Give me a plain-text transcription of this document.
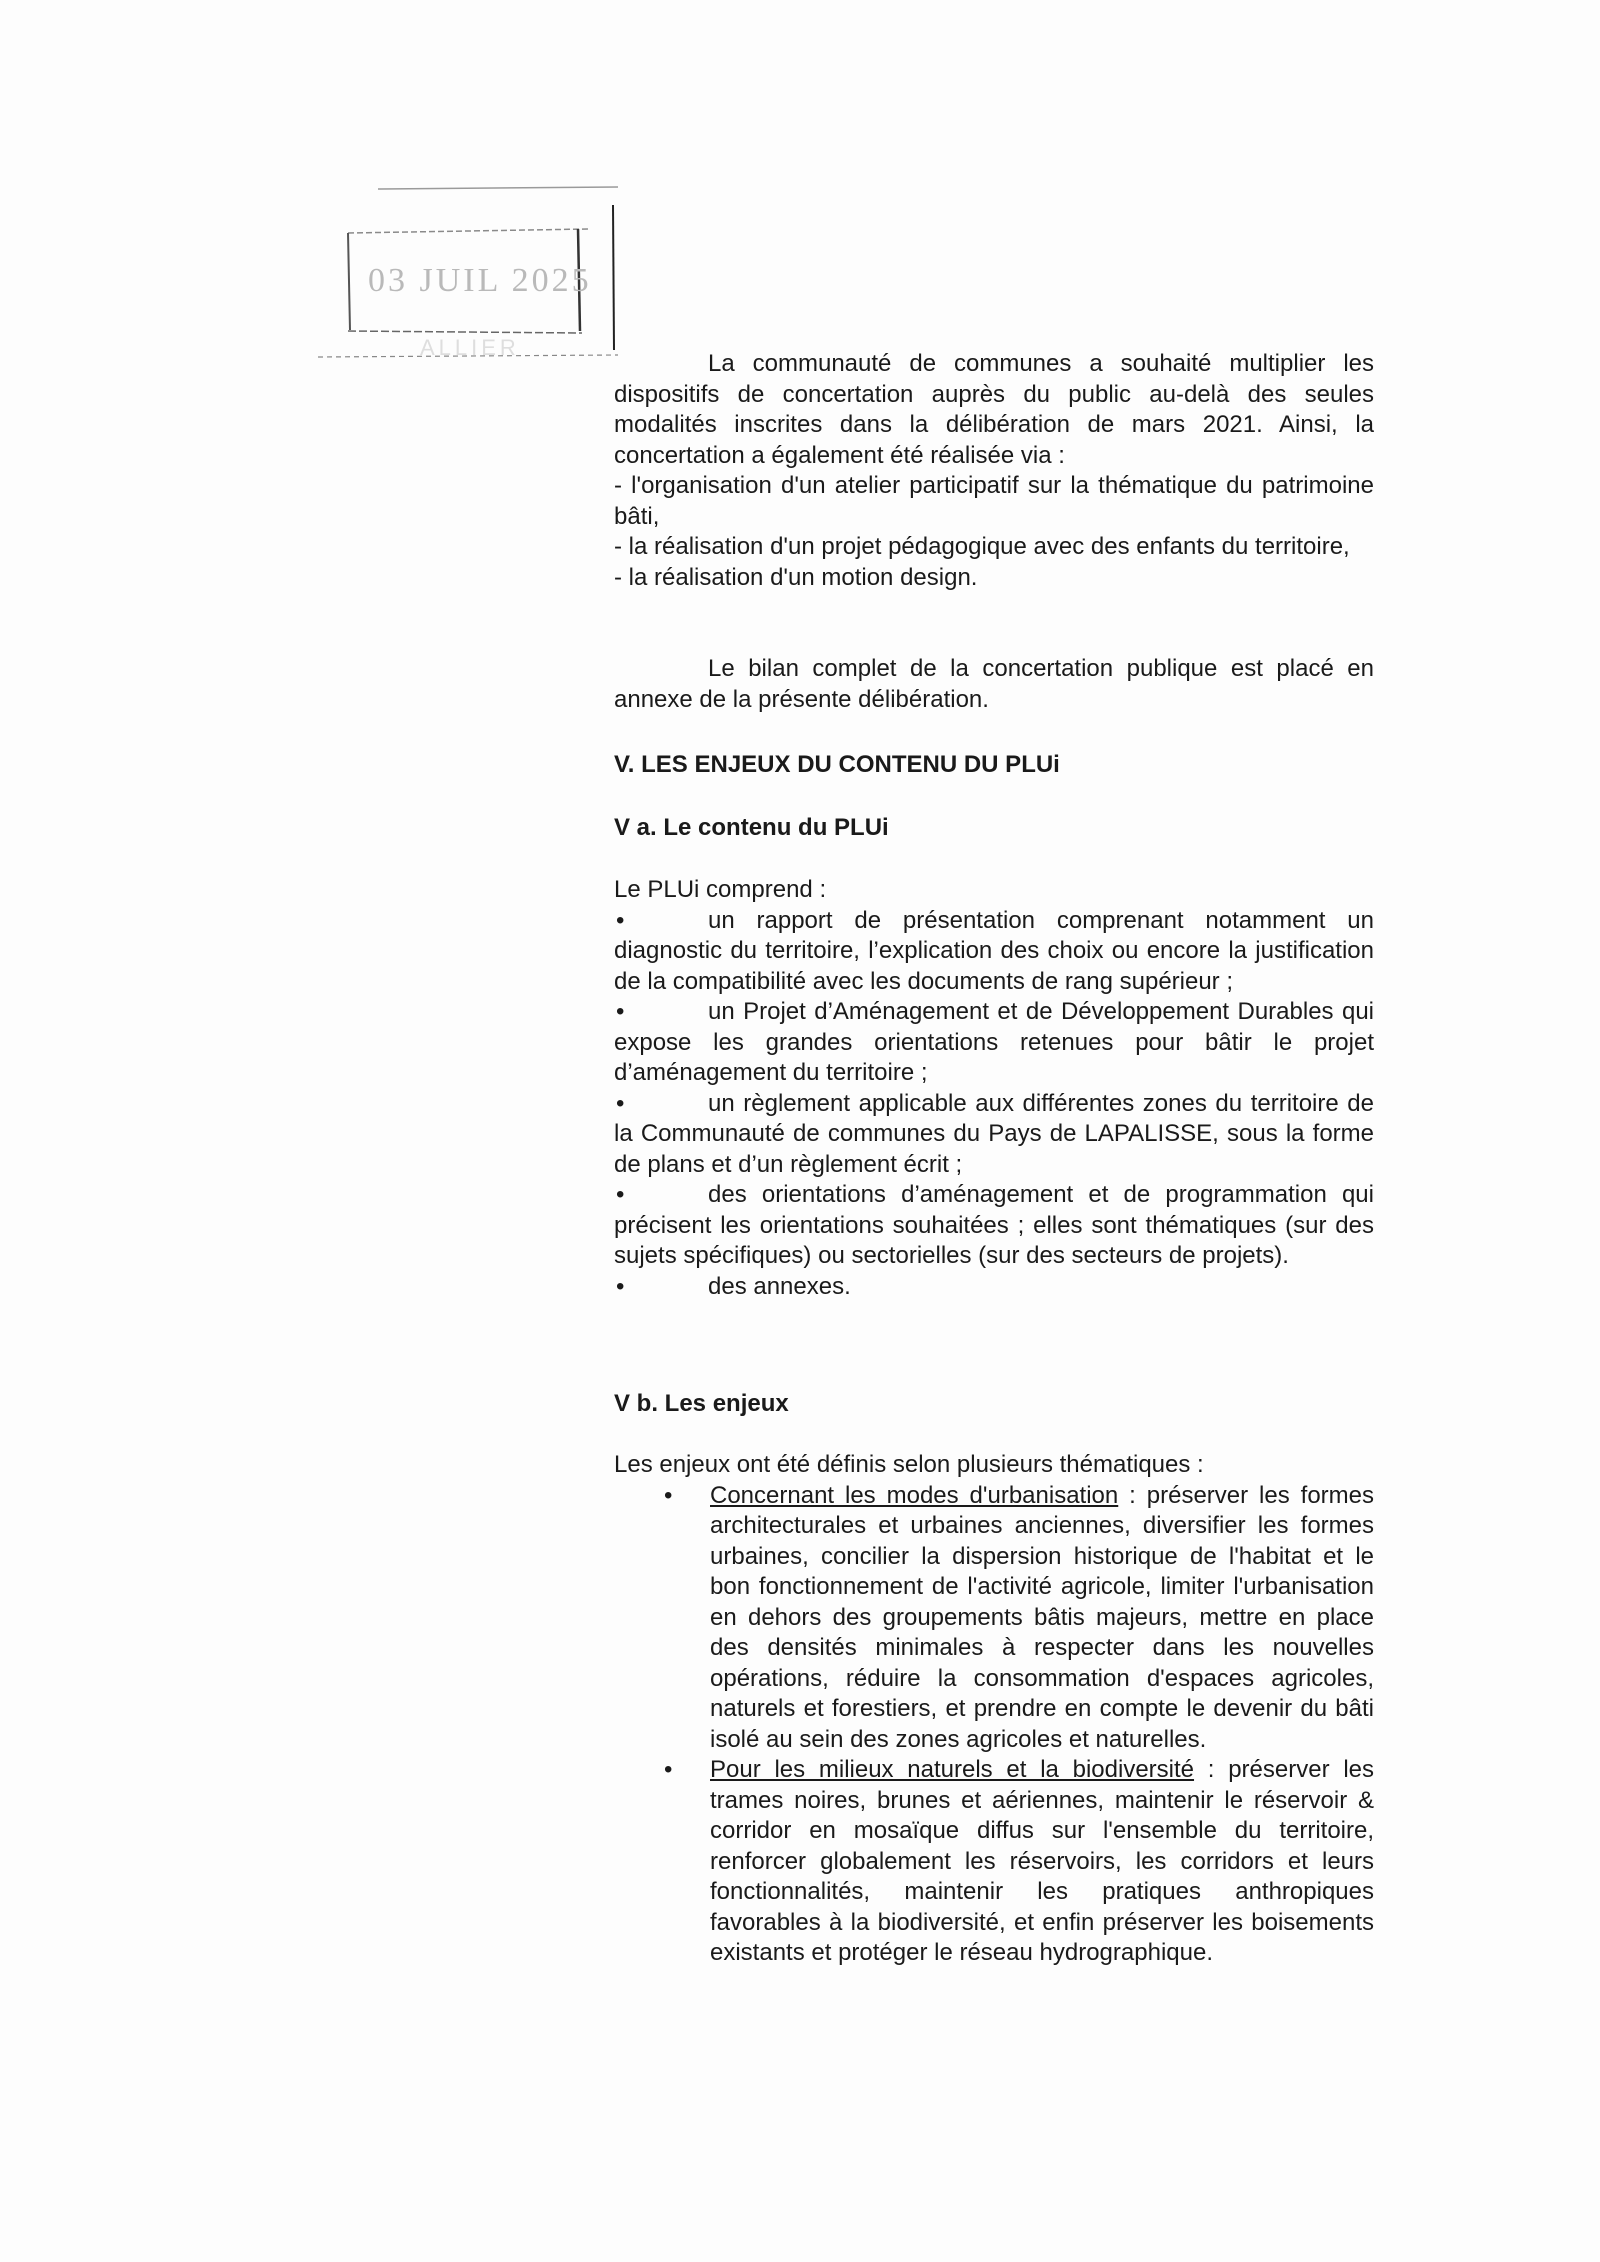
03 JUIL 2025
ALLIER

La communauté de communes a souhaité multiplier les dispositifs de concertation auprès du public au-delà des seules modalités inscrites dans la délibération de mars 2021. Ainsi, la concertation a également été réalisée via :

- l'organisation d'un atelier participatif sur la thématique du patrimoine bâti,

- la réalisation d'un projet pédagogique avec des enfants du territoire,

- la réalisation d'un motion design.

Le bilan complet de la concertation publique est placé en annexe de la présente délibération.

V. LES ENJEUX DU CONTENU DU PLUi
V a. Le contenu du PLUi

Le PLUi comprend :

•	un rapport de présentation comprenant notamment un diagnostic du territoire, l’explication des choix ou encore la justification de la compatibilité avec les documents de rang supérieur ;

•	un Projet d’Aménagement et de Développement Durables qui expose les grandes orientations retenues pour bâtir le projet d’aménagement du territoire ;

•	un règlement applicable aux différentes zones du territoire de la Communauté de communes du Pays de LAPALISSE, sous la forme de plans et d’un règlement écrit ;

•	des orientations d’aménagement et de programmation qui précisent les orientations souhaitées ; elles sont thématiques (sur des sujets spécifiques) ou sectorielles (sur des secteurs de projets).

•	des annexes.

V b. Les enjeux

Les enjeux ont été définis selon plusieurs thématiques :

• Concernant les modes d'urbanisation : préserver les formes architecturales et urbaines anciennes, diversifier les formes urbaines, concilier la dispersion historique de l'habitat et le bon fonctionnement de l'activité agricole, limiter l'urbanisation en dehors des groupements bâtis majeurs, mettre en place des densités minimales à respecter dans les nouvelles opérations, réduire la consommation d'espaces agricoles, naturels et forestiers, et prendre en compte le devenir du bâti isolé au sein des zones agricoles et naturelles.

• Pour les milieux naturels et la biodiversité : préserver les trames noires, brunes et aériennes, maintenir le réservoir & corridor en mosaïque diffus sur l'ensemble du territoire, renforcer globalement les réservoirs, les corridors et leurs fonctionnalités, maintenir les pratiques anthropiques favorables à la biodiversité, et enfin préserver les boisements existants et protéger le réseau hydrographique.
